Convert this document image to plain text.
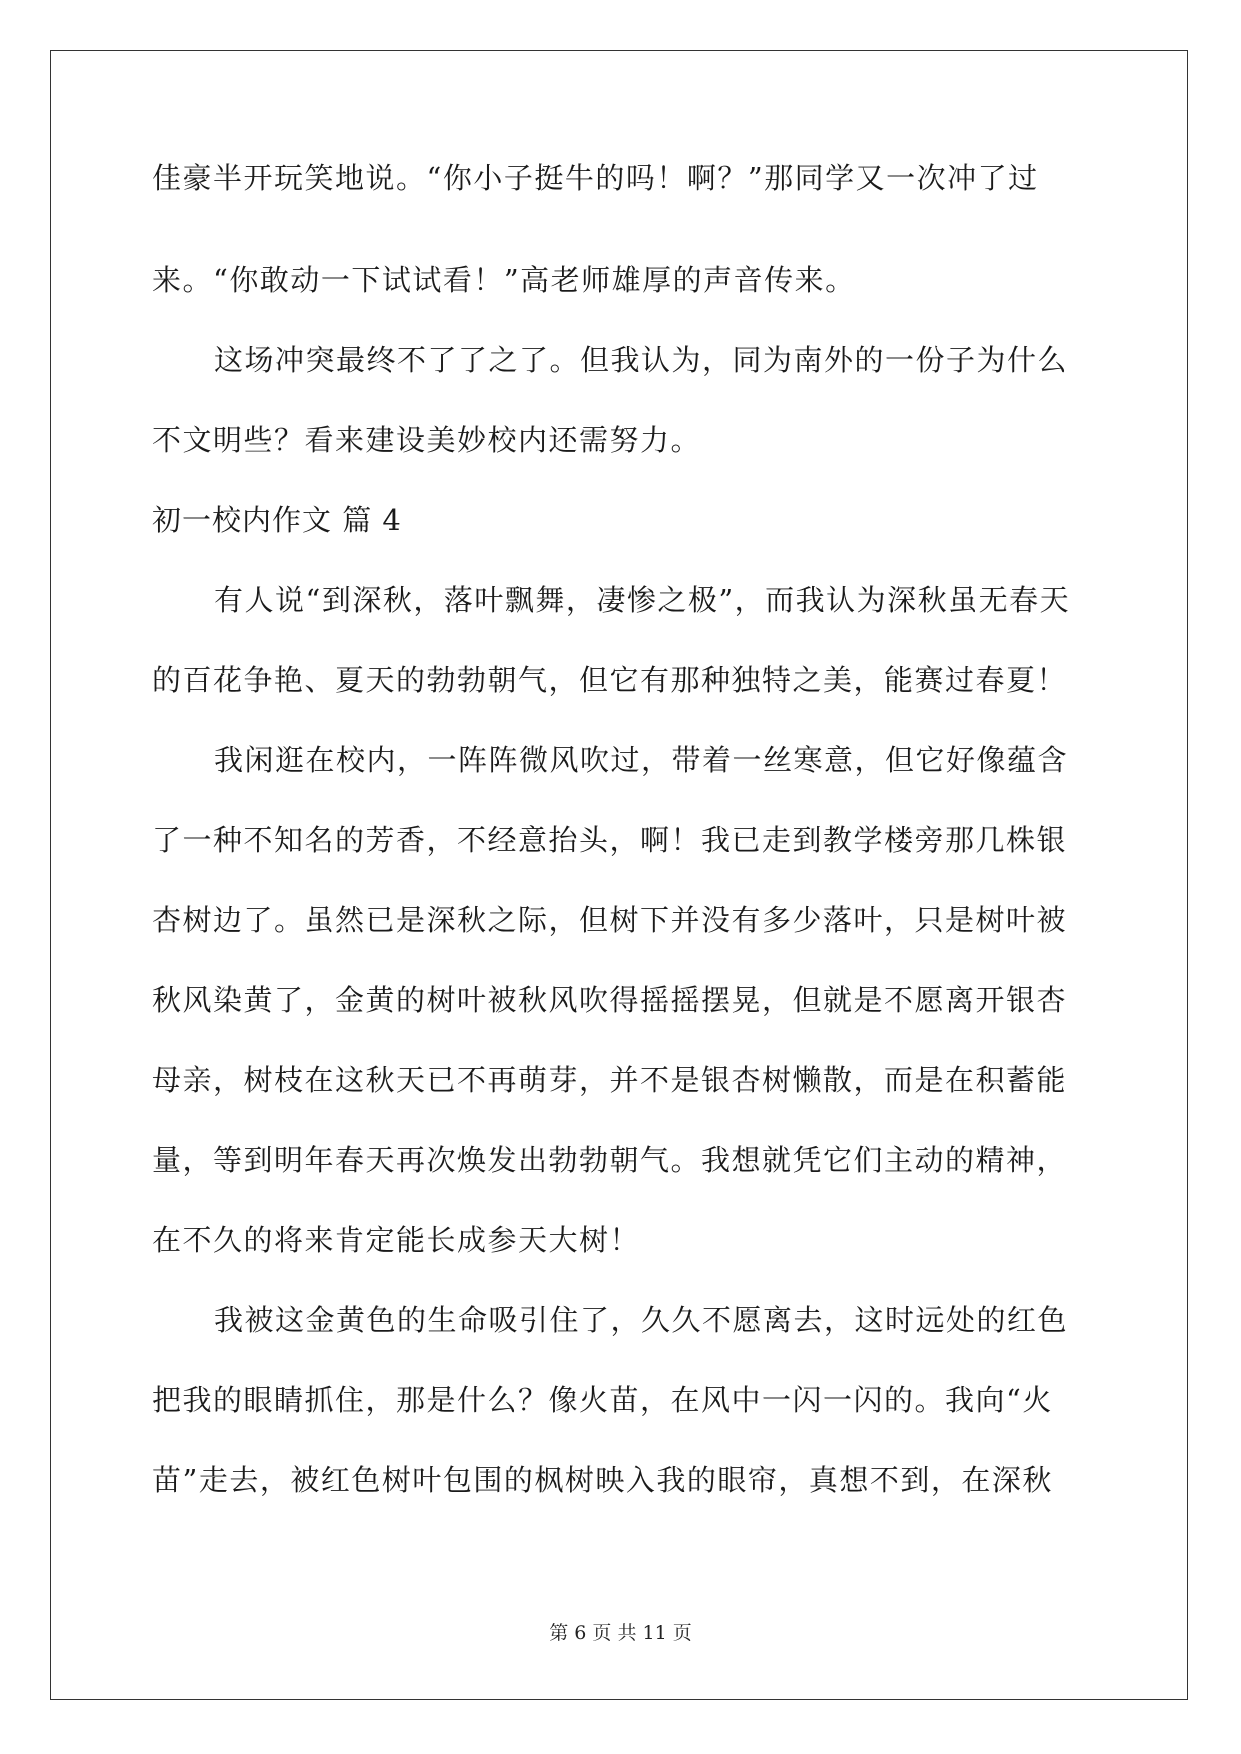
佳豪半开玩笑地说。“你小子挺牛的吗！啊？”那同学又一次冲了过
来。“你敢动一下试试看！”高老师雄厚的声音传来。
这场冲突最终不了了之了。但我认为，同为南外的一份子为什么
不文明些？看来建设美妙校内还需努力。
初一校内作文 篇 4
有人说“到深秋，落叶飘舞，凄惨之极”，而我认为深秋虽无春天
的百花争艳、夏天的勃勃朝气，但它有那种独特之美，能赛过春夏！
我闲逛在校内，一阵阵微风吹过，带着一丝寒意，但它好像蕴含
了一种不知名的芳香，不经意抬头，啊！我已走到教学楼旁那几株银
杏树边了。虽然已是深秋之际，但树下并没有多少落叶，只是树叶被
秋风染黄了，金黄的树叶被秋风吹得摇摇摆晃，但就是不愿离开银杏
母亲，树枝在这秋天已不再萌芽，并不是银杏树懒散，而是在积蓄能
量，等到明年春天再次焕发出勃勃朝气。我想就凭它们主动的精神，
在不久的将来肯定能长成参天大树！
我被这金黄色的生命吸引住了，久久不愿离去，这时远处的红色
把我的眼睛抓住，那是什么？像火苗，在风中一闪一闪的。我向“火
苗”走去，被红色树叶包围的枫树映入我的眼帘，真想不到，在深秋
第 6 页 共 11 页
